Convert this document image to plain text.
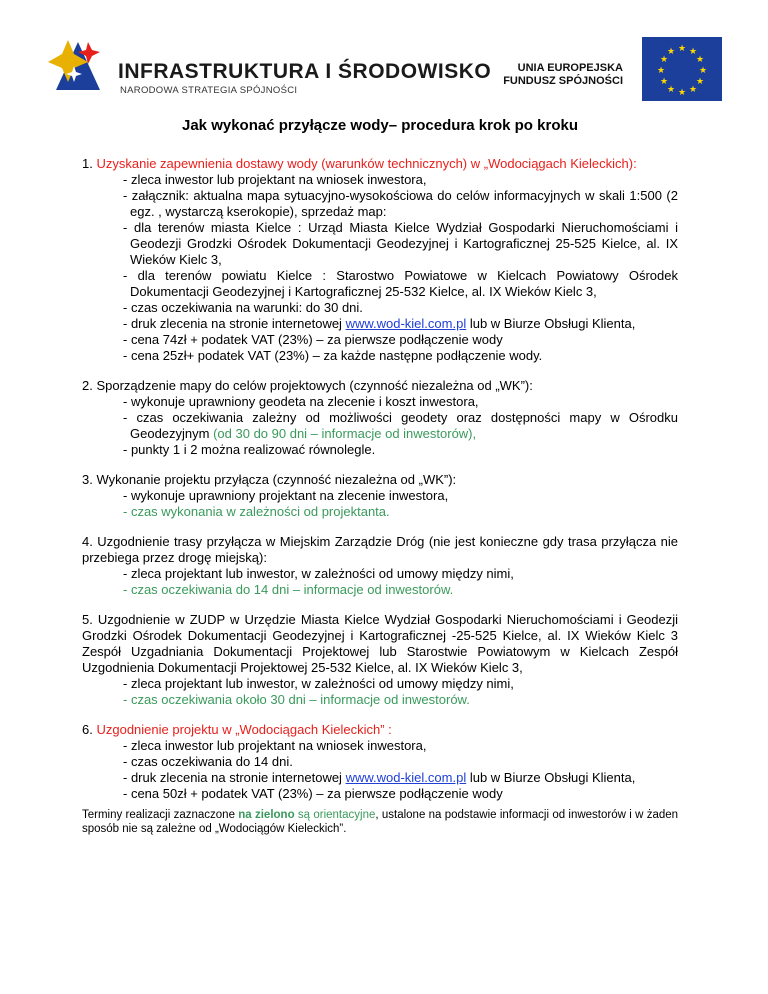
INFRASTRUKTURA I ŚRODOWISKO
NARODOWA STRATEGIA SPÓJNOŚCI
UNIA EUROPEJSKA
FUNDUSZ SPÓJNOŚCI
★ ★
★
★
★
★
★
★
★
★
★
★
Jak wykonać przyłącze wody– procedura krok po kroku
1. Uzyskanie zapewnienia dostawy wody (warunków technicznych) w „Wodociągach Kieleckich):
- zleca inwestor lub projektant na wniosek inwestora,
- załącznik: aktualna mapa sytuacyjno-wysokościowa do celów informacyjnych w skali 1:500 (2 egz. , wystarczą kserokopie), sprzedaż map:
- dla terenów miasta Kielce : Urząd Miasta Kielce Wydział Gospodarki Nieruchomościami i Geodezji Grodzki Ośrodek Dokumentacji Geodezyjnej i Kartograficznej 25-525 Kielce, al. IX Wieków Kielc 3,
- dla terenów powiatu Kielce : Starostwo Powiatowe w Kielcach Powiatowy Ośrodek Dokumentacji Geodezyjnej i Kartograficznej 25-532 Kielce, al. IX Wieków Kielc 3,
- czas oczekiwania na warunki: do 30 dni.
- druk zlecenia na stronie internetowej www.wod-kiel.com.pl lub w Biurze Obsługi Klienta,
- cena 74zł + podatek VAT (23%) – za pierwsze podłączenie wody
- cena 25zł+ podatek VAT (23%) – za każde następne podłączenie wody.
2. Sporządzenie mapy do celów projektowych (czynność niezależna od „WK”):
- wykonuje uprawniony geodeta na zlecenie i koszt inwestora,
- czas oczekiwania zależny od możliwości geodety oraz dostępności mapy w Ośrodku Geodezyjnym (od 30 do 90 dni – informacje od inwestorów),
- punkty 1 i 2 można realizować równolegle.
3. Wykonanie projektu przyłącza (czynność niezależna od „WK”):
- wykonuje uprawniony projektant na zlecenie inwestora,
- czas wykonania w zależności od projektanta.
4. Uzgodnienie trasy przyłącza w Miejskim Zarządzie Dróg (nie jest konieczne gdy trasa przyłącza nie przebiega przez drogę miejską):
- zleca projektant lub inwestor, w zależności od umowy między nimi,
- czas oczekiwania do 14 dni – informacje od inwestorów.
5. Uzgodnienie w ZUDP w Urzędzie Miasta Kielce Wydział Gospodarki Nieruchomościami i Geodezji Grodzki Ośrodek Dokumentacji Geodezyjnej i Kartograficznej -25-525 Kielce, al. IX Wieków Kielc 3 Zespół Uzgadniania Dokumentacji Projektowej lub Starostwie Powiatowym w Kielcach Zespół Uzgodnienia Dokumentacji Projektowej 25-532 Kielce, al. IX Wieków Kielc 3,
- zleca projektant lub inwestor, w zależności od umowy między nimi,
- czas oczekiwania około 30 dni – informacje od inwestorów.
6. Uzgodnienie projektu w „Wodociągach Kieleckich” :
- zleca inwestor lub projektant na wniosek inwestora,
- czas oczekiwania do 14 dni.
- druk zlecenia na stronie internetowej www.wod-kiel.com.pl lub w Biurze Obsługi Klienta,
- cena 50zł + podatek VAT (23%) – za pierwsze podłączenie wody
Terminy realizacji zaznaczone na zielono są orientacyjne, ustalone na podstawie informacji od inwestorów i w żaden sposób nie są zależne od „Wodociągów Kieleckich”.
